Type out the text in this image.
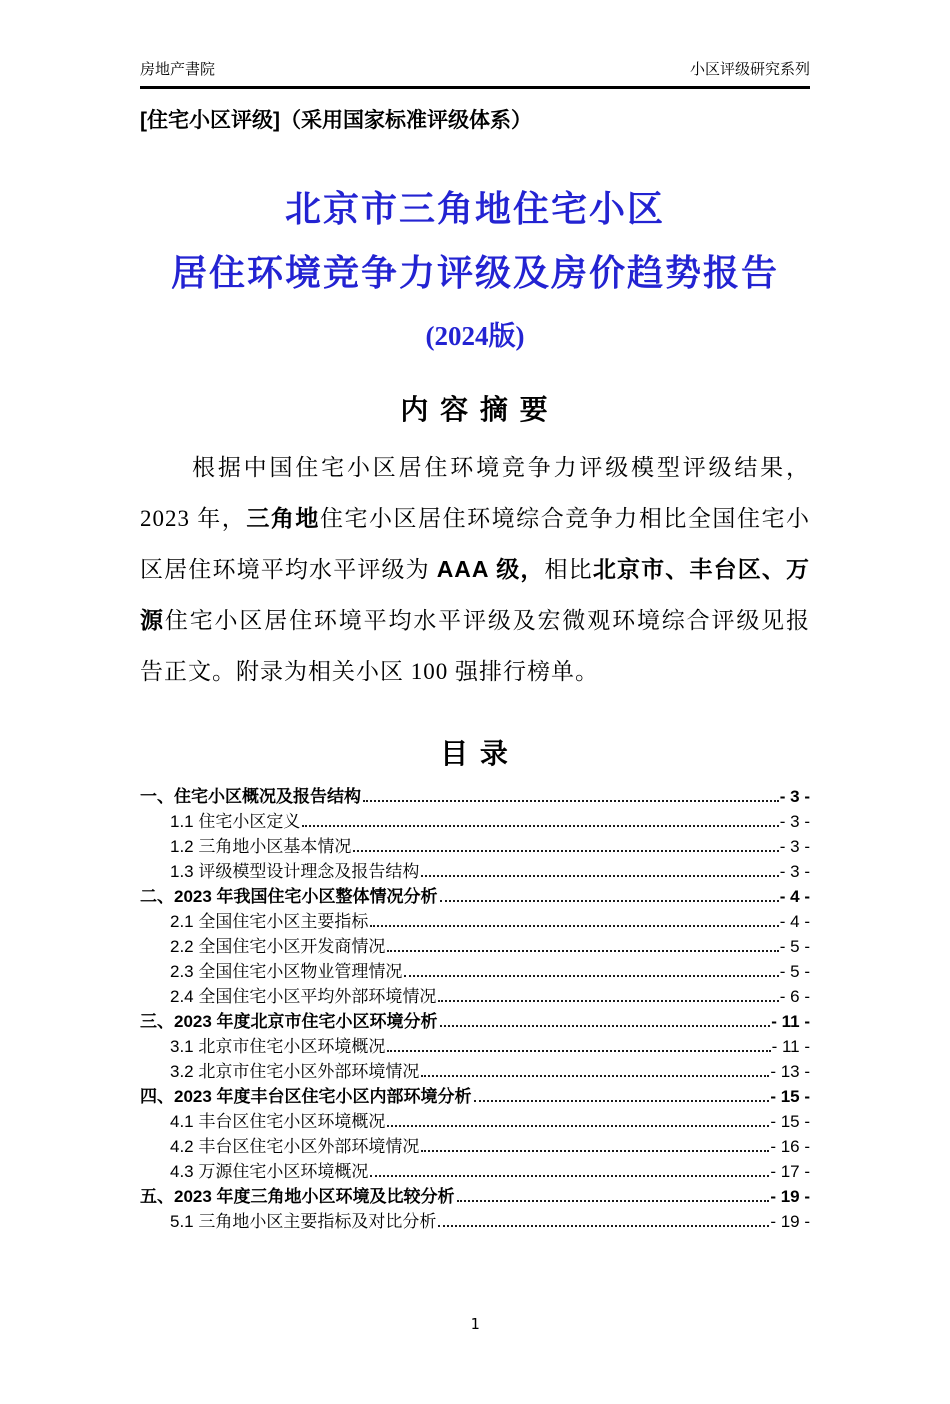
房地产書院	小区评级研究系列
[住宅小区评级]（采用国家标准评级体系）
北京市三角地住宅小区
居住环境竞争力评级及房价趋势报告
(2024版)
内 容 摘 要

根据中国住宅小区居住环境竞争力评级模型评级结果，2023 年，三角地住宅小区居住环境综合竞争力相比全国住宅小区居住环境平均水平评级为 AAA 级，相比北京市、丰台区、万源住宅小区居住环境平均水平评级及宏微观环境综合评级见报告正文。附录为相关小区 100 强排行榜单。

目 录
一、住宅小区概况及报告结构	- 3 -
1.1 住宅小区定义	- 3 -
1.2 三角地小区基本情况	- 3 -
1.3 评级模型设计理念及报告结构	- 3 -
二、2023 年我国住宅小区整体情况分析	- 4 -
2.1 全国住宅小区主要指标	- 4 -
2.2 全国住宅小区开发商情况	- 5 -
2.3 全国住宅小区物业管理情况	- 5 -
2.4 全国住宅小区平均外部环境情况	- 6 -
三、2023 年度北京市住宅小区环境分析	- 11 -
3.1 北京市住宅小区环境概况	- 11 -
3.2 北京市住宅小区外部环境情况	- 13 -
四、2023 年度丰台区住宅小区内部环境分析	- 15 -
4.1 丰台区住宅小区环境概况	- 15 -
4.2 丰台区住宅小区外部环境情况	- 16 -
4.3 万源住宅小区环境概况	- 17 -
五、2023 年度三角地小区环境及比较分析	- 19 -
5.1 三角地小区主要指标及对比分析	- 19 -
1
